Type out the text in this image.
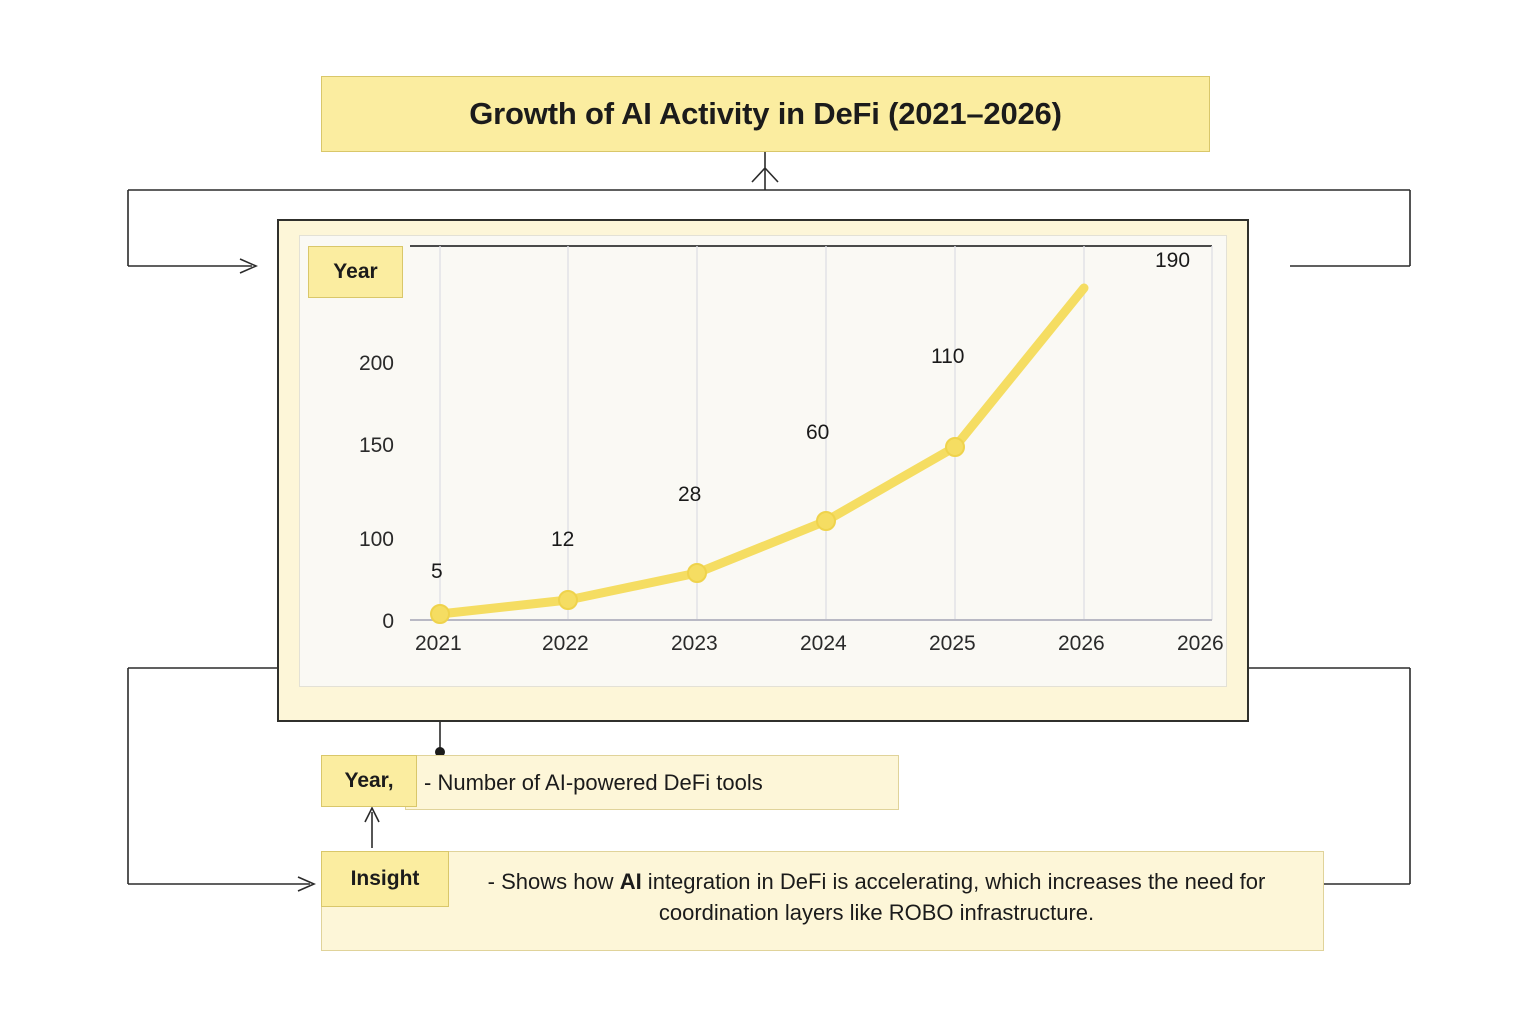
Growth of AI Activity in DeFi (2021–2026)
Year
200
150
100
0
5
12
28
60
110
190
2021	2022	2023	2024	2025	2026	2026
- Number of AI-powered DeFi tools
Year,
- Shows how AI integration in DeFi is accelerating, which increases the need for coordination layers like ROBO infrastructure.
Insight
